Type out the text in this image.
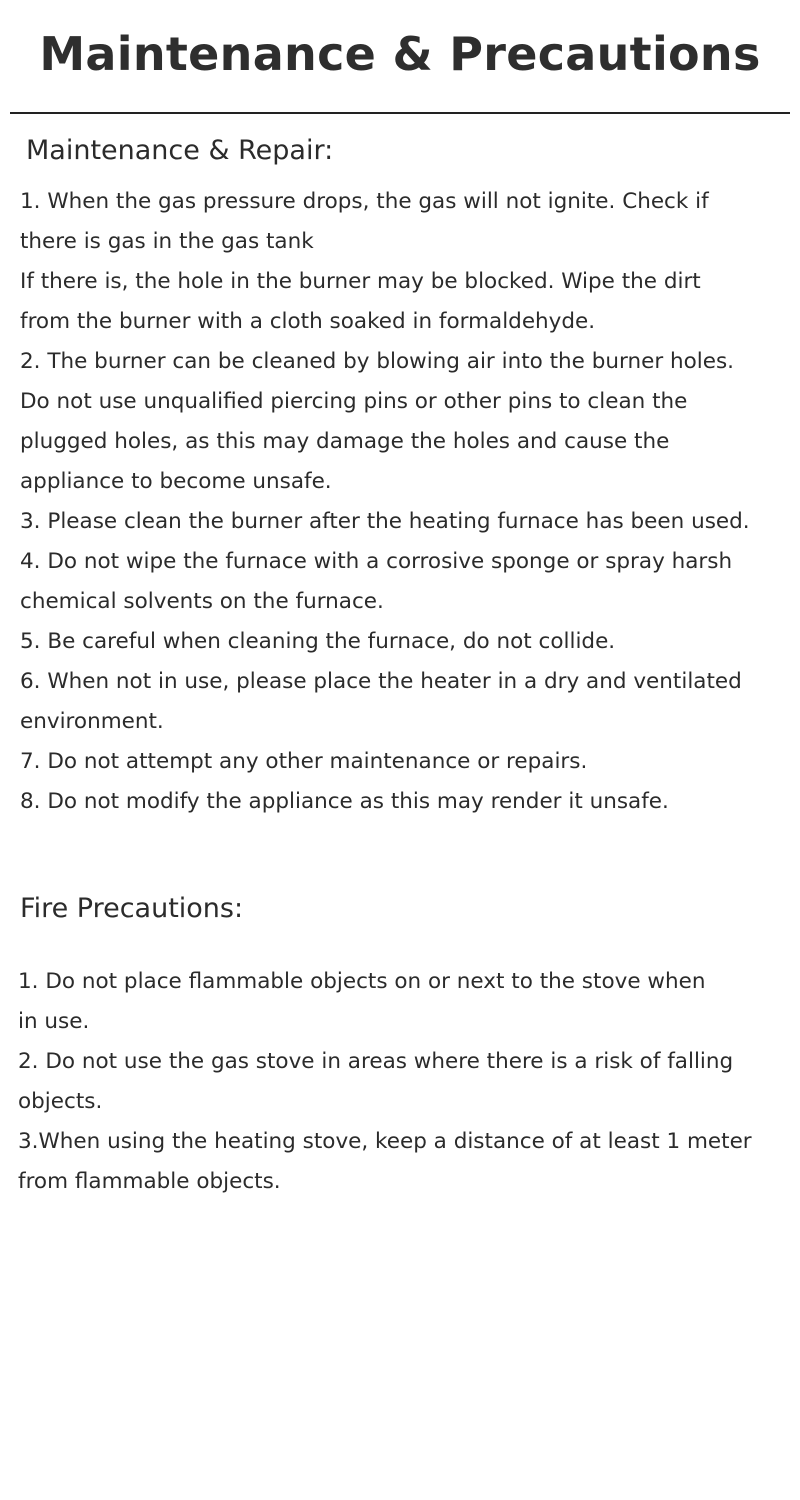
Maintenance & Precautions
Maintenance & Repair:
1. When the gas pressure drops, the gas will not ignite. Check if
there is gas in the gas tank
If there is, the hole in the burner may be blocked. Wipe the dirt
from the burner with a cloth soaked in formaldehyde.
2. The burner can be cleaned by blowing air into the burner holes.
Do not use unqualified piercing pins or other pins to clean the
plugged holes, as this may damage the holes and cause the
appliance to become unsafe.
3. Please clean the burner after the heating furnace has been used.
4. Do not wipe the furnace with a corrosive sponge or spray harsh
chemical solvents on the furnace.
5. Be careful when cleaning the furnace, do not collide.
6. When not in use, please place the heater in a dry and ventilated
environment.
7. Do not attempt any other maintenance or repairs.
8. Do not modify the appliance as this may render it unsafe.
Fire Precautions:
1. Do not place flammable objects on or next to the stove when
in use.
2. Do not use the gas stove in areas where there is a risk of falling
objects.
3.When using the heating stove, keep a distance of at least 1 meter
from flammable objects.
